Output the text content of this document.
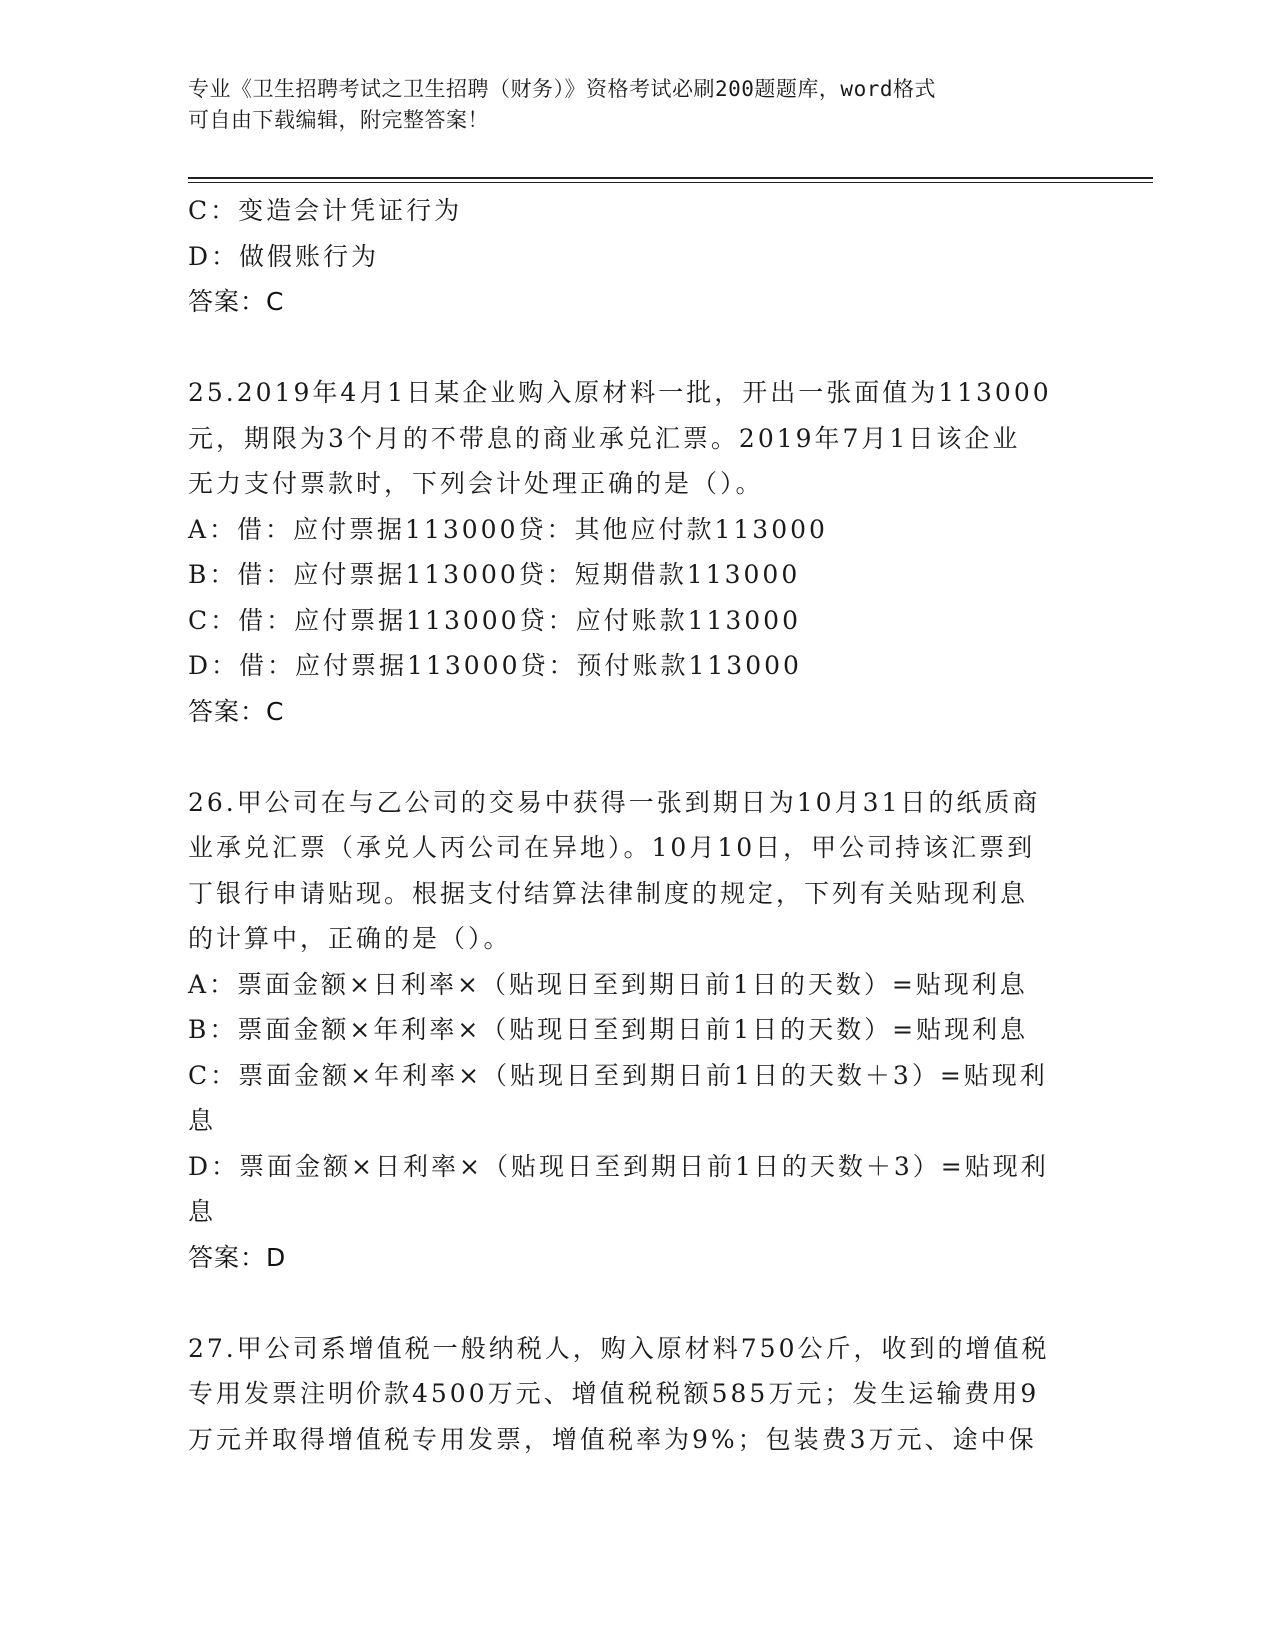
专业《卫生招聘考试之卫生招聘（财务）》资格考试必刷200题题库，word格式
可自由下载编辑，附完整答案！
C：变造会计凭证行为
D：做假账行为
答案：C
25.2019年4月1日某企业购入原材料一批，开出一张面值为113000
元，期限为3个月的不带息的商业承兑汇票。2019年7月1日该企业
无力支付票款时，下列会计处理正确的是（）。
A：借：应付票据113000贷：其他应付款113000
B：借：应付票据113000贷：短期借款113000
C：借：应付票据113000贷：应付账款113000
D：借：应付票据113000贷：预付账款113000
答案：C
26.甲公司在与乙公司的交易中获得一张到期日为10月31日的纸质商
业承兑汇票（承兑人丙公司在异地）。10月10日，甲公司持该汇票到
丁银行申请贴现。根据支付结算法律制度的规定，下列有关贴现利息
的计算中，正确的是（）。
A：票面金额×日利率×（贴现日至到期日前1日的天数）=贴现利息
B：票面金额×年利率×（贴现日至到期日前1日的天数）=贴现利息
C：票面金额×年利率×（贴现日至到期日前1日的天数＋3）=贴现利
息
D：票面金额×日利率×（贴现日至到期日前1日的天数＋3）=贴现利
息
答案：D
27.甲公司系增值税一般纳税人，购入原材料750公斤，收到的增值税
专用发票注明价款4500万元、增值税税额585万元；发生运输费用9
万元并取得增值税专用发票，增值税率为9%；包装费3万元、途中保
